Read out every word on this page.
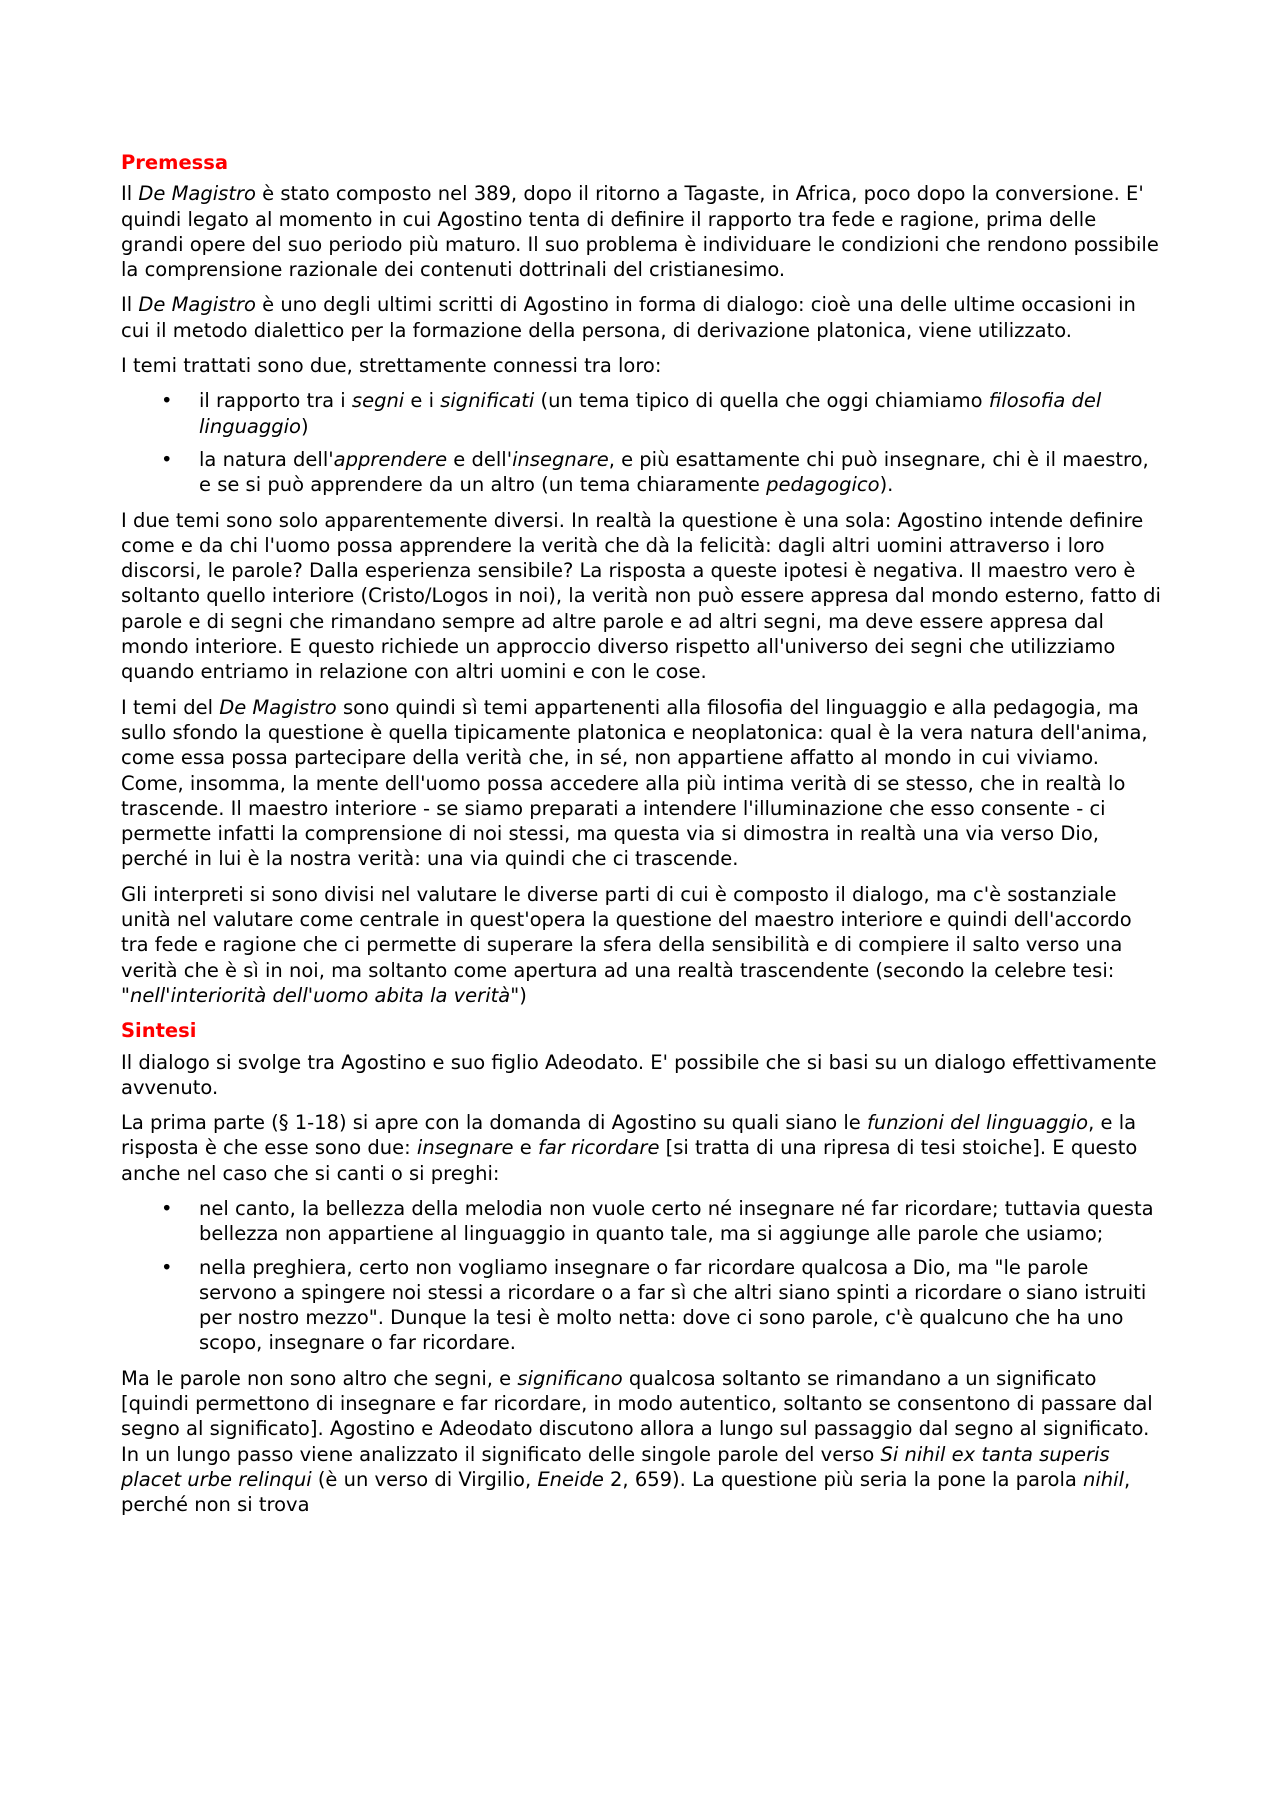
Premessa

Il De Magistro è stato composto nel 389, dopo il ritorno a Tagaste, in Africa, poco dopo la conversione. E' quindi legato al momento in cui Agostino tenta di definire il rapporto tra fede e ragione, prima delle grandi opere del suo periodo più maturo. Il suo problema è individuare le condizioni che rendono possibile la comprensione razionale dei contenuti dottrinali del cristianesimo.

Il De Magistro è uno degli ultimi scritti di Agostino in forma di dialogo: cioè una delle ultime occasioni in cui il metodo dialettico per la formazione della persona, di derivazione platonica, viene utilizzato.

I temi trattati sono due, strettamente connessi tra loro:

• il rapporto tra i segni e i significati (un tema tipico di quella che oggi chiamiamo filosofia del linguaggio)
• la natura dell'apprendere e dell'insegnare, e più esattamente chi può insegnare, chi è il maestro, e se si può apprendere da un altro (un tema chiaramente pedagogico).

I due temi sono solo apparentemente diversi. In realtà la questione è una sola: Agostino intende definire come e da chi l'uomo possa apprendere la verità che dà la felicità: dagli altri uomini attraverso i loro discorsi, le parole? Dalla esperienza sensibile? La risposta a queste ipotesi è negativa. Il maestro vero è soltanto quello interiore (Cristo/Logos in noi), la verità non può essere appresa dal mondo esterno, fatto di parole e di segni che rimandano sempre ad altre parole e ad altri segni, ma deve essere appresa dal mondo interiore. E questo richiede un approccio diverso rispetto all'universo dei segni che utilizziamo quando entriamo in relazione con altri uomini e con le cose.

I temi del De Magistro sono quindi sì temi appartenenti alla filosofia del linguaggio e alla pedagogia, ma sullo sfondo la questione è quella tipicamente platonica e neoplatonica: qual è la vera natura dell'anima, come essa possa partecipare della verità che, in sé, non appartiene affatto al mondo in cui viviamo. Come, insomma, la mente dell'uomo possa accedere alla più intima verità di se stesso, che in realtà lo trascende. Il maestro interiore - se siamo preparati a intendere l'illuminazione che esso consente - ci permette infatti la comprensione di noi stessi, ma questa via si dimostra in realtà una via verso Dio, perché in lui è la nostra verità: una via quindi che ci trascende.

Gli interpreti si sono divisi nel valutare le diverse parti di cui è composto il dialogo, ma c'è sostanziale unità nel valutare come centrale in quest'opera la questione del maestro interiore e quindi dell'accordo tra fede e ragione che ci permette di superare la sfera della sensibilità e di compiere il salto verso una verità che è sì in noi, ma soltanto come apertura ad una realtà trascendente (secondo la celebre tesi: "nell'interiorità dell'uomo abita la verità")

Sintesi

Il dialogo si svolge tra Agostino e suo figlio Adeodato. E' possibile che si basi su un dialogo effettivamente avvenuto.

La prima parte (§ 1-18) si apre con la domanda di Agostino su quali siano le funzioni del linguaggio, e la risposta è che esse sono due: insegnare e far ricordare [si tratta di una ripresa di tesi stoiche]. E questo anche nel caso che si canti o si preghi:

• nel canto, la bellezza della melodia non vuole certo né insegnare né far ricordare; tuttavia questa bellezza non appartiene al linguaggio in quanto tale, ma si aggiunge alle parole che usiamo;
• nella preghiera, certo non vogliamo insegnare o far ricordare qualcosa a Dio, ma "le parole servono a spingere noi stessi a ricordare o a far sì che altri siano spinti a ricordare o siano istruiti per nostro mezzo". Dunque la tesi è molto netta: dove ci sono parole, c'è qualcuno che ha uno scopo, insegnare o far ricordare.

Ma le parole non sono altro che segni, e significano qualcosa soltanto se rimandano a un significato [quindi permettono di insegnare e far ricordare, in modo autentico, soltanto se consentono di passare dal segno al significato]. Agostino e Adeodato discutono allora a lungo sul passaggio dal segno al significato. In un lungo passo viene analizzato il significato delle singole parole del verso Si nihil ex tanta superis placet urbe relinqui (è un verso di Virgilio, Eneide 2, 659). La questione più seria la pone la parola nihil, perché non si trova
